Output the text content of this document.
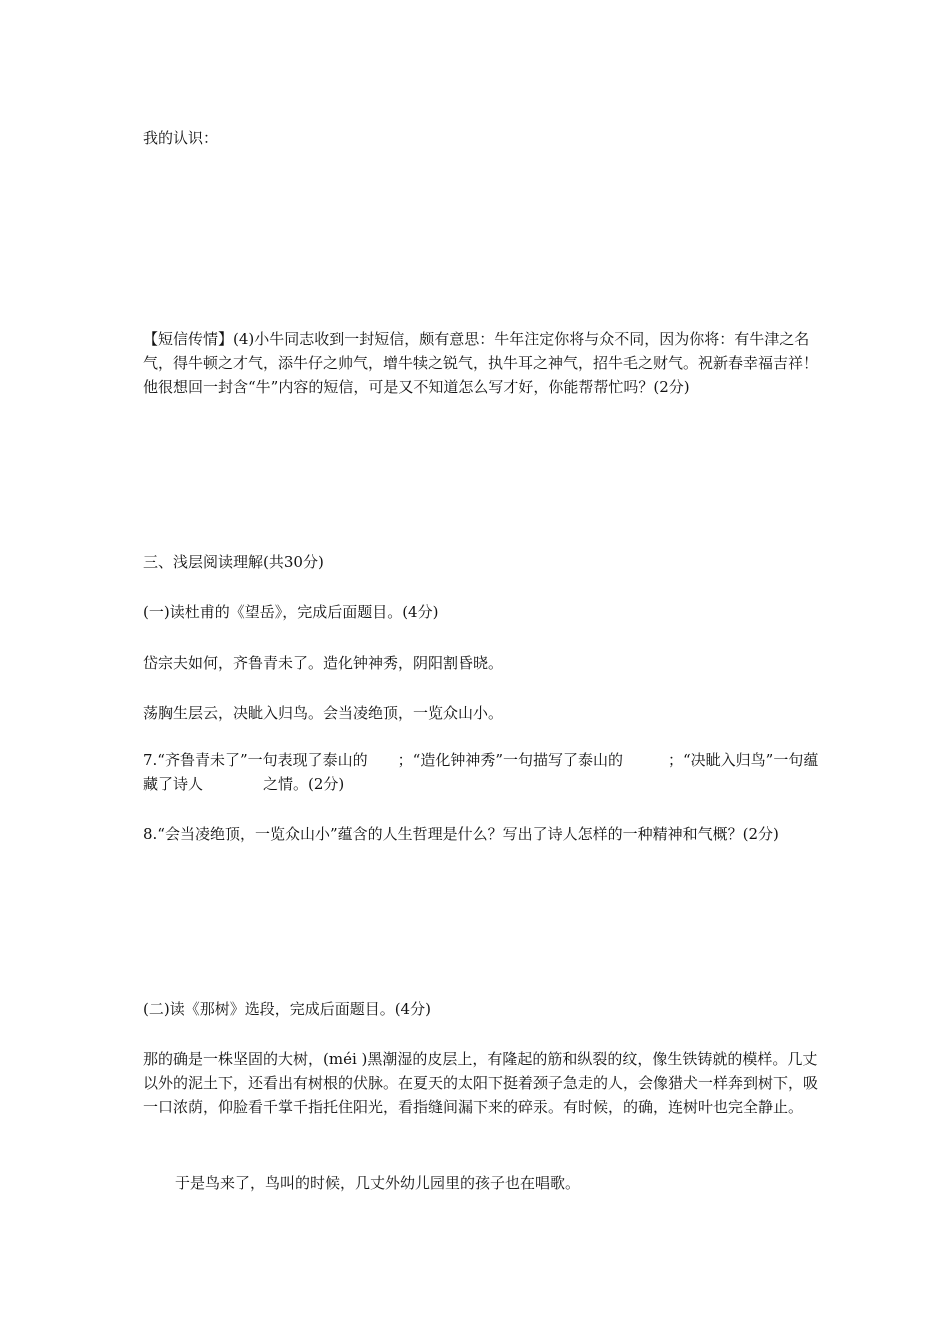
我的认识：

【短信传情】(4)小牛同志收到一封短信，颇有意思：牛年注定你将与众不同，因为你将：有牛津之名气，得牛顿之才气，添牛仔之帅气，增牛犊之锐气，执牛耳之神气，招牛毛之财气。祝新春幸福吉祥！他很想回一封含“牛”内容的短信，可是又不知道怎么写才好，你能帮帮忙吗？(2分)

三、浅层阅读理解(共30分)

(一)读杜甫的《望岳》，完成后面题目。(4分)

岱宗夫如何，齐鲁青未了。造化钟神秀，阴阳割昏晓。

荡胸生层云，决眦入归鸟。会当凌绝顶，一览众山小。

7.“齐鲁青未了”一句表现了泰山的　　；“造化钟神秀”一句描写了泰山的　　　；“决眦入归鸟”一句蕴藏了诗人　　　　之情。(2分)

8.“会当凌绝顶，一览众山小”蕴含的人生哲理是什么？写出了诗人怎样的一种精神和气概？(2分)

(二)读《那树》选段，完成后面题目。(4分)

那的确是一株坚固的大树，(méi )黑潮湿的皮层上，有隆起的筋和纵裂的纹，像生铁铸就的模样。几丈以外的泥土下，还看出有树根的伏脉。在夏天的太阳下挺着颈子急走的人，会像猎犬一样奔到树下，吸一口浓荫，仰脸看千掌千指托住阳光，看指缝间漏下来的碎汞。有时候，的确，连树叶也完全静止。

于是鸟来了，鸟叫的时候，几丈外幼儿园里的孩子也在唱歌。
